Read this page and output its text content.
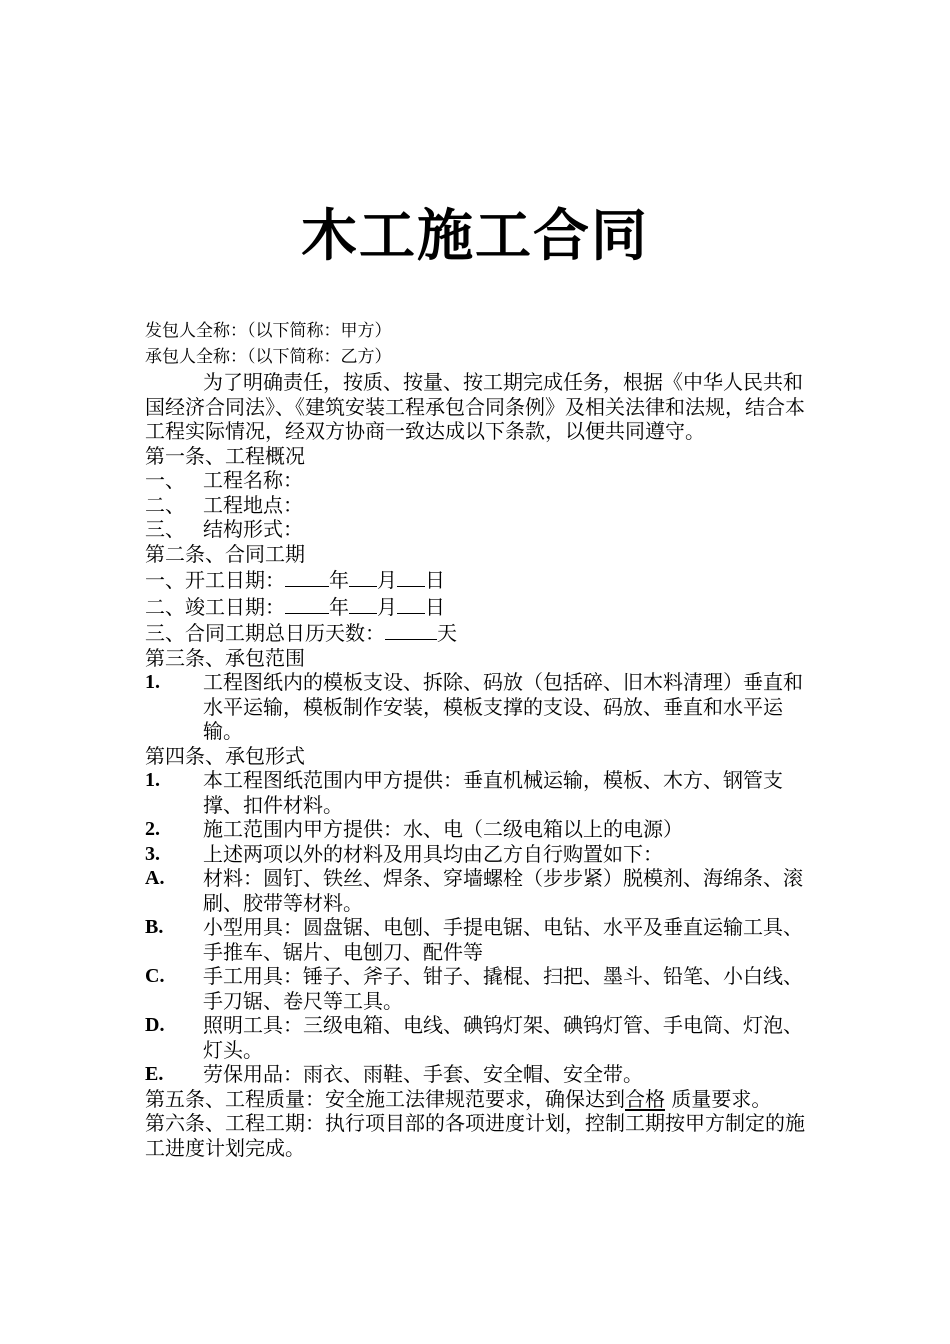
木工施工合同
发包人全称：（以下简称：甲方）
承包人全称：（以下简称：乙方）
为了明确责任，按质、按量、按工期完成任务，根据《中华人民共和国经济合同法》、《建筑安装工程承包合同条例》及相关法律和法规，结合本工程实际情况，经双方协商一致达成以下条款，以便共同遵守。
第一条、工程概况
一、 工程名称：
二、 工程地点：
三、 结构形式：
第二条、合同工期
一、开工日期： 年 月 日
二、竣工日期： 年 月 日
三、合同工期总日历天数：	天
第三条、承包范围
1.	工程图纸内的模板支设、拆除、码放（包括碎、旧木料清理）垂直和水平运输，模板制作安装，模板支撑的支设、码放、垂直和水平运输。
第四条、承包形式
1.	本工程图纸范围内甲方提供：垂直机械运输，模板、木方、钢管支撑、扣件材料。
2.	施工范围内甲方提供：水、电（二级电箱以上的电源）
3.	上述两项以外的材料及用具均由乙方自行购置如下：
A.	材料：圆钉、铁丝、焊条、穿墙螺栓（步步紧）脱模剂、海绵条、滚刷、胶带等材料。
B.	小型用具：圆盘锯、电刨、手提电锯、电钻、水平及垂直运输工具、手推车、锯片、电刨刀、配件等
C.	手工用具：锤子、斧子、钳子、撬棍、扫把、墨斗、铅笔、小白线、手刀锯、卷尺等工具。
D.	照明工具：三级电箱、电线、碘钨灯架、碘钨灯管、手电筒、灯泡、灯头。
E.	劳保用品：雨衣、雨鞋、手套、安全帽、安全带。
第五条、工程质量：安全施工法律规范要求，确保达到合格 质量要求。
第六条、工程工期：执行项目部的各项进度计划，控制工期按甲方制定的施工进度计划完成。
